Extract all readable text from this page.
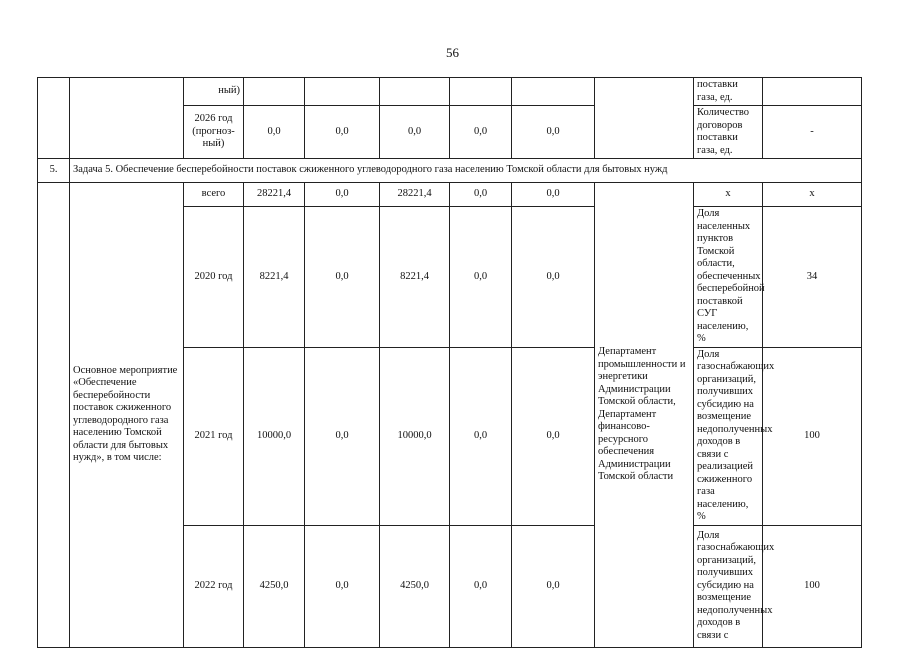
56
		ный)							поставки газа, ед.	
		2026 год (прогноз-ный)	0,0	0,0	0,0	0,0	0,0		Количество договоров поставки газа, ед.	-
5.	Задача 5. Обеспечение бесперебойности поставок сжиженного углеводородного газа населению Томской области для бытовых нужд									
	Основное мероприятие «Обеспечение бесперебойности поставок сжиженного углеводородного газа населению Томской области для бытовых нужд», в том числе:	всего	28221,4	0,0	28221,4	0,0	0,0	Департамент промышленности и энергетики Администрации Томской области, Департамент финансово-ресурсного обеспечения Администрации Томской области	х	х
		2020 год	8221,4	0,0	8221,4	0,0	0,0		Доля населенных пунктов Томской области, обеспеченных бесперебойной поставкой СУГ населению, %	34
		2021 год	10000,0	0,0	10000,0	0,0	0,0		Доля газоснабжающих организаций, получивших субсидию на возмещение недополученных доходов в связи с реализацией сжиженного газа населению, %	100
		2022 год	4250,0	0,0	4250,0	0,0	0,0		Доля газоснабжающих организаций, получивших субсидию на возмещение недополученных доходов в связи с	100
